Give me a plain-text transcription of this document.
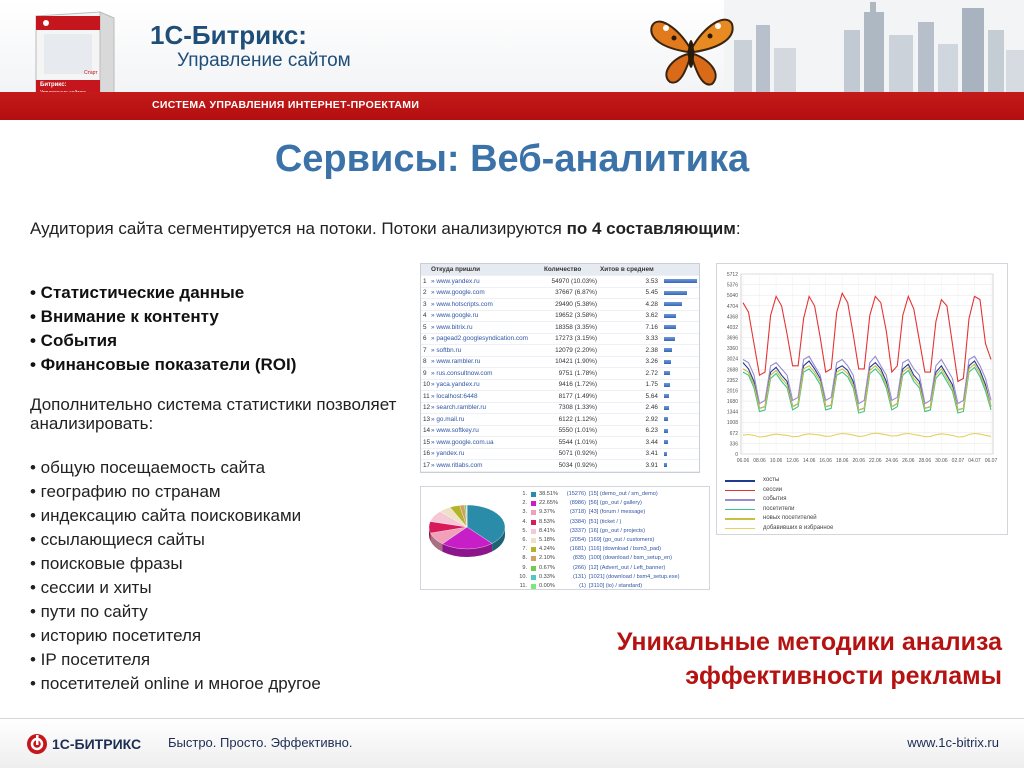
Битрикс:
Старт
1С-Битрикс:
Управление сайтом
СИСТЕМА УПРАВЛЕНИЯ ИНТЕРНЕТ-ПРОЕКТАМИ
Сервисы: Веб-аналитика
Аудитория сайта сегментируется на потоки. Потоки анализируются по 4 составляющим:
• Статистические данные
• Внимание к контенту
• События
• Финансовые показатели (ROI)
Дополнительно система статистики позволяет анализировать:
• общую посещаемость сайта
• географию по странам
• индексацию сайта поисковиками
• ссылающиеся сайты
• поисковые фразы
• сессии и хиты
• пути по сайту
• историю посетителя
• IP посетителя
• посетителей online и многое другое
Уникальные методики анализа
эффективности рекламы
Откуда пришли	Количество	Хитов в среднем
1 » www.yandex.ru	54970 (10.03%)	3.53
2 » www.google.com	37667 (6.87%)	5.45
3 » www.hotscripts.com	29490 (5.38%)	4.28
4 » www.google.ru	19652 (3.58%)	3.62
5 » www.bitrix.ru	18358 (3.35%)	7.16
6 » pagead2.googlesyndication.com	17273 (3.15%)	3.33
7 » softbn.ru	12079 (2.20%)	2.38
8 » www.rambler.ru	10421 (1.90%)	3.26
9 » rus.consultnow.com	9751 (1.78%)	2.72
10 » yaca.yandex.ru	9416 (1.72%)	1.75
11 » localhost:6448	8177 (1.49%)	5.64
12 » search.rambler.ru	7308 (1.33%)	2.46
13 » go.mail.ru	6122 (1.12%)	2.92
14 » www.softkey.ru	5550 (1.01%)	6.23
15 » www.google.com.ua	5544 (1.01%)	3.44
16 » yandex.ru	5071 (0.92%)	3.41
17 » www.ritlabs.com	5034 (0.92%)	3.91
1.	38.51%	(15276) [15] (demo_out / sm_demo)
2.	22.65%	(8986) [56] (go_out / gallery)
3.	9.37%	(3718) [43] (forum / message)
4.	8.53%	(3384) [51] (ticket / )
5.	8.41%	(3337) [16] (go_out / projects)
6.	5.18%	(2054) [169] (go_out / customers)
7.	4.24%	(1681) [116] (download / bsm3_pad)
8.	2.10%	(835) [100] (download / bsm_setup_en)
9.	0.67%	(266) [12] (Advert_out / Left_banner)
10.	0.33%	(131) [1021] (download / bsm4_setup.exe)
11.	0.00%	(1) [3110] (io) / standard)
0
336
672
1008
1344
1680
2016
2352
2688
3024
3360
3696
4032
4368
4704
5040
5376
5712
06.06 08.06 10.06 12.06 14.06 16.06 18.06 20.06 22.06 24.06 26.06 28.06 30.06 02.07 04.07 06.07
хосты
сессии
события
посетители
новых посетителей
добавивших в избранное
1С-БИТРИКС Быстро. Просто. Эффективно.	www.1c-bitrix.ru
